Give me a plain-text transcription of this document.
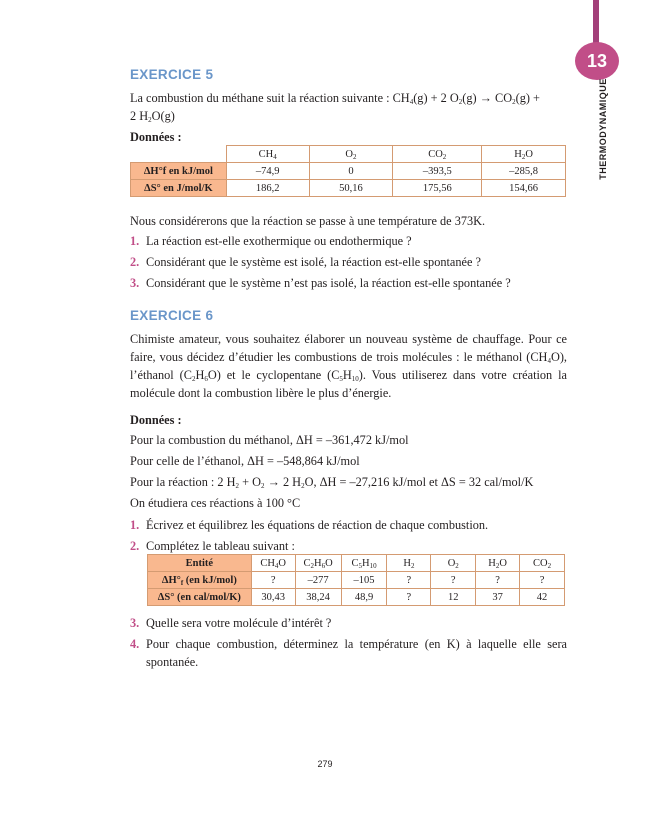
13
THERMODYNAMIQUE
EXERCICE 5
La combustion du méthane suit la réaction suivante : $CH_4(g) + 2$ $O_2(g) \to CO_2(g)$ +
2 $H_2O(g)$
Données :
	$CH_4$	$O_2$	$CO_2$	$H_2O$
ΔH°f en kJ/mol	–74,9	0	–393,5	–285,8
ΔS° en J/mol/K	186,2	50,16	175,56	154,66
Nous considérerons que la réaction se passe à une température de 373K.
1. La réaction est-elle exothermique ou endothermique ?
2. Considérant que le système est isolé, la réaction est-elle spontanée ?
3. Considérant que le système n’est pas isolé, la réaction est-elle spontanée ?
EXERCICE 6
Chimiste amateur, vous souhaitez élaborer un nouveau système de chauffage. Pour ce faire, vous décidez d’étudier les combustions de trois molécules : le méthanol $(CH_4O)$, l’éthanol $(C_2H_6O)$ et le cyclopentane $(C_5H_{10})$. Vous utiliserez dans votre création la molécule dont la combustion libère le plus d’énergie.
Données :
Pour la combustion du méthanol, ΔH = –361,472 kJ/mol
Pour celle de l’éthanol, ΔH = –548,864 kJ/mol
Pour la réaction : 2 $H_2 + O_2 \to 2$ $H_2O$, ΔH = –27,216 kJ/mol et ΔS = 32 cal/mol/K
On étudiera ces réactions à 100 °C
1. Écrivez et équilibrez les équations de réaction de chaque combustion.
2. Complétez le tableau suivant :
Entité	$CH_4O$	$C_2H_6O$	$C_5H_{10}$	$H_2$	$O_2$	$H_2O$	$CO_2$
$\Delta H^\circ_f$ (en kJ/mol)	?	–277	–105	?	?	?	?
ΔS° (en cal/mol/K)	30,43	38,24	48,9	?	12	37	42
3. Quelle sera votre molécule d’intérêt ?
4. Pour chaque combustion, déterminez la température (en K) à laquelle elle sera spontanée.
279
